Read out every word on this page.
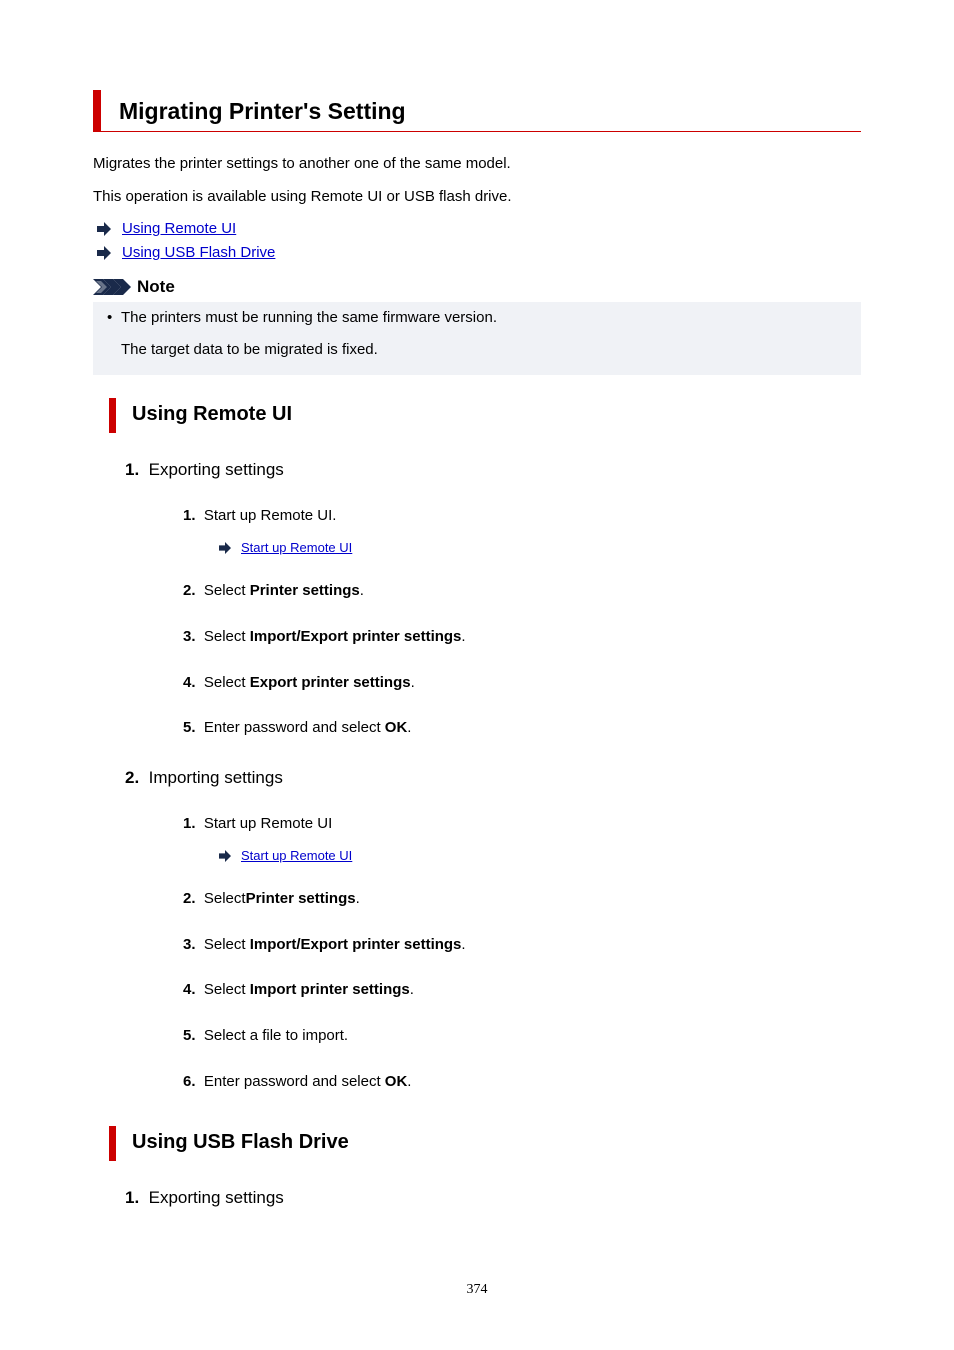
Migrating Printer's Setting
Migrates the printer settings to another one of the same model.
This operation is available using Remote UI or USB flash drive.
Using Remote UI
Using USB Flash Drive
Note
• The printers must be running the same firmware version.
The target data to be migrated is fixed.
Using Remote UI
1. Exporting settings
1. Start up Remote UI.
Start up Remote UI
2. Select Printer settings.
3. Select Import/Export printer settings.
4. Select Export printer settings.
5. Enter password and select OK.
2. Importing settings
1. Start up Remote UI
Start up Remote UI
2. SelectPrinter settings.
3. Select Import/Export printer settings.
4. Select Import printer settings.
5. Select a file to import.
6. Enter password and select OK.
Using USB Flash Drive
1. Exporting settings
374
